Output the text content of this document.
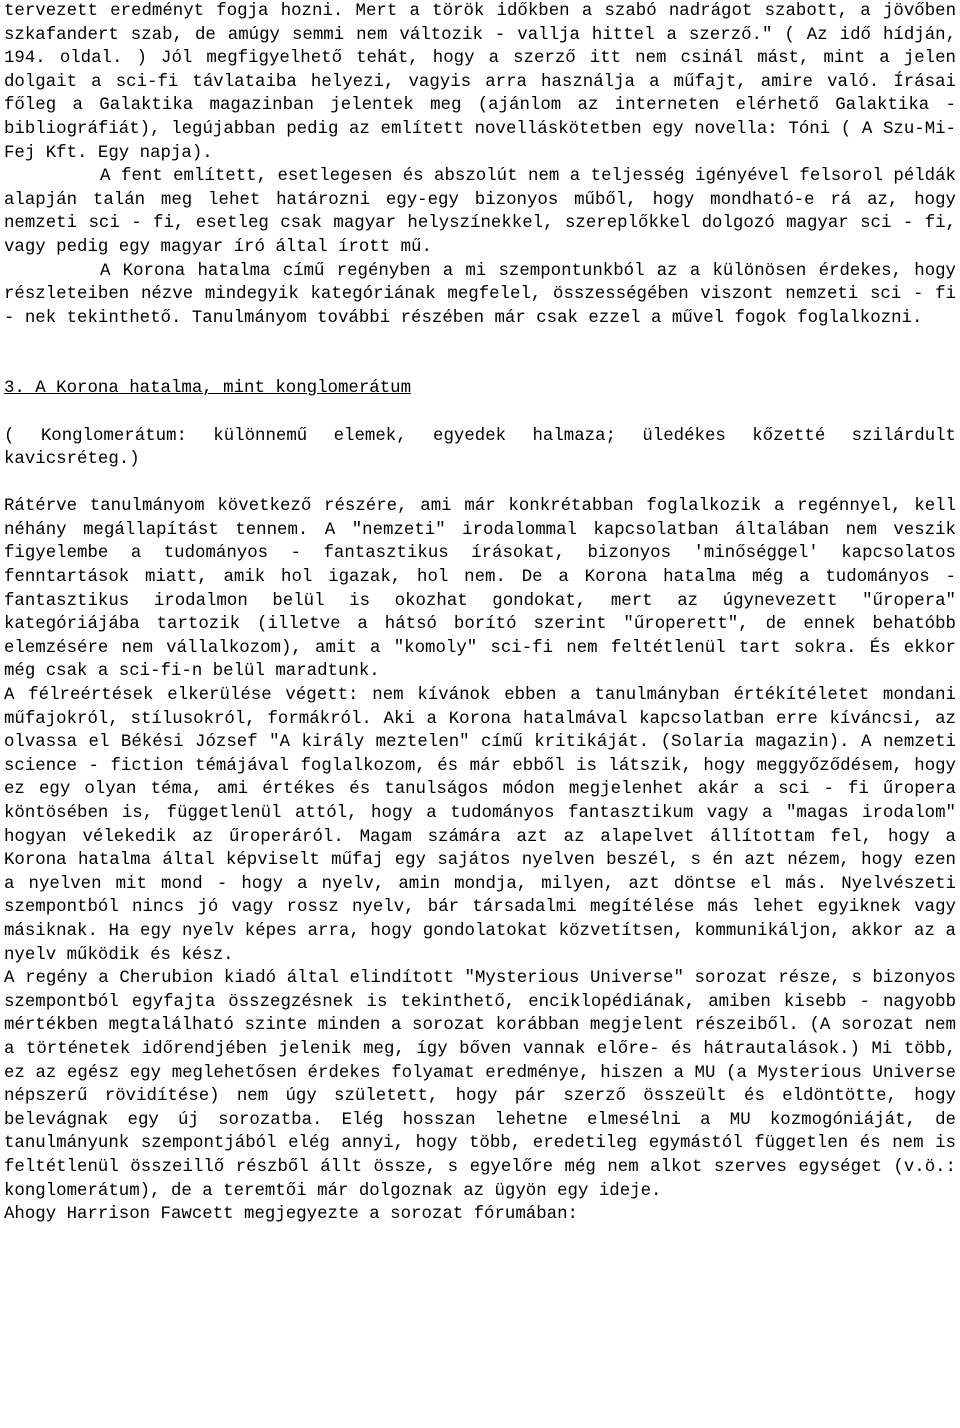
tervezett eredményt fogja hozni. Mert a török időkben a szabó nadrágot szabott, a jövőben szkafandert szab, de amúgy semmi nem változik - vallja hittel a szerző." ( Az idő hídján, 194. oldal. ) Jól megfigyelhető tehát, hogy a szerző itt nem csinál mást, mint a jelen dolgait a sci-fi távlataiba helyezi, vagyis arra használja a műfajt, amire való. Írásai főleg a Galaktika magazinban jelentek meg (ajánlom az interneten elérhető Galaktika - bibliográfiát), legújabban pedig az említett novelláskötetben egy novella: Tóni ( A Szu-Mi-Fej Kft. Egy napja).

A fent említett, esetlegesen és abszolút nem a teljesség igényével felsorol példák alapján talán meg lehet határozni egy-egy bizonyos műből, hogy mondható-e rá az, hogy nemzeti sci - fi, esetleg csak magyar helyszínekkel, szereplőkkel dolgozó magyar sci - fi, vagy pedig egy magyar író által írott mű.

A Korona hatalma című regényben a mi szempontunkból az a különösen érdekes, hogy részleteiben nézve mindegyik kategóriának megfelel, összességében viszont nemzeti sci - fi - nek tekinthető. Tanulmányom további részében már csak ezzel a művel fogok foglalkozni.

3. A Korona hatalma, mint konglomerátum

( Konglomerátum: különnemű elemek, egyedek halmaza; üledékes kőzetté szilárdult kavicsréteg.)

Rátérve tanulmányom következő részére, ami már konkrétabban foglalkozik a regénnyel, kell néhány megállapítást tennem. A "nemzeti" irodalommal kapcsolatban általában nem veszik figyelembe a tudományos - fantasztikus írásokat, bizonyos 'minőséggel' kapcsolatos fenntartások miatt, amik hol igazak, hol nem. De a Korona hatalma még a tudományos - fantasztikus irodalmon belül is okozhat gondokat, mert az úgynevezett "űropera" kategóriájába tartozik (illetve a hátsó borító szerint "űroperett", de ennek behatóbb elemzésére nem vállalkozom), amit a "komoly" sci-fi nem feltétlenül tart sokra. És ekkor még csak a sci-fi-n belül maradtunk.

A félreértések elkerülése végett: nem kívánok ebben a tanulmányban értékítéletet mondani műfajokról, stílusokról, formákról. Aki a Korona hatalmával kapcsolatban erre kíváncsi, az olvassa el Békési József "A király meztelen" című kritikáját. (Solaria magazin). A nemzeti science - fiction témájával foglalkozom, és már ebből is látszik, hogy meggyőződésem, hogy ez egy olyan téma, ami értékes és tanulságos módon megjelenhet akár a sci - fi űropera köntösében is, függetlenül attól, hogy a tudományos fantasztikum vagy a "magas irodalom" hogyan vélekedik az űroperáról. Magam számára azt az alapelvet állítottam fel, hogy a Korona hatalma által képviselt műfaj egy sajátos nyelven beszél, s én azt nézem, hogy ezen a nyelven mit mond - hogy a nyelv, amin mondja, milyen, azt döntse el más. Nyelvészeti szempontból nincs jó vagy rossz nyelv, bár társadalmi megítélése más lehet egyiknek vagy másiknak. Ha egy nyelv képes arra, hogy gondolatokat közvetítsen, kommunikáljon, akkor az a nyelv működik és kész.

A regény a Cherubion kiadó által elindított "Mysterious Universe" sorozat része, s bizonyos szempontból egyfajta összegzésnek is tekinthető, enciklopédiának, amiben kisebb - nagyobb mértékben megtalálható szinte minden a sorozat korábban megjelent részeiből. (A sorozat nem a történetek időrendjében jelenik meg, így bőven vannak előre- és hátrautalások.) Mi több, ez az egész egy meglehetősen érdekes folyamat eredménye, hiszen a MU (a Mysterious Universe népszerű rövidítése) nem úgy született, hogy pár szerző összeült és eldöntötte, hogy belevágnak egy új sorozatba. Elég hosszan lehetne elmesélni a MU kozmogóniáját, de tanulmányunk szempontjából elég annyi, hogy több, eredetileg egymástól független és nem is feltétlenül összeillő részből állt össze, s egyelőre még nem alkot szerves egységet (v.ö.: konglomerátum), de a teremtői már dolgoznak az ügyön egy ideje.

Ahogy Harrison Fawcett megjegyezte a sorozat fórumában:
